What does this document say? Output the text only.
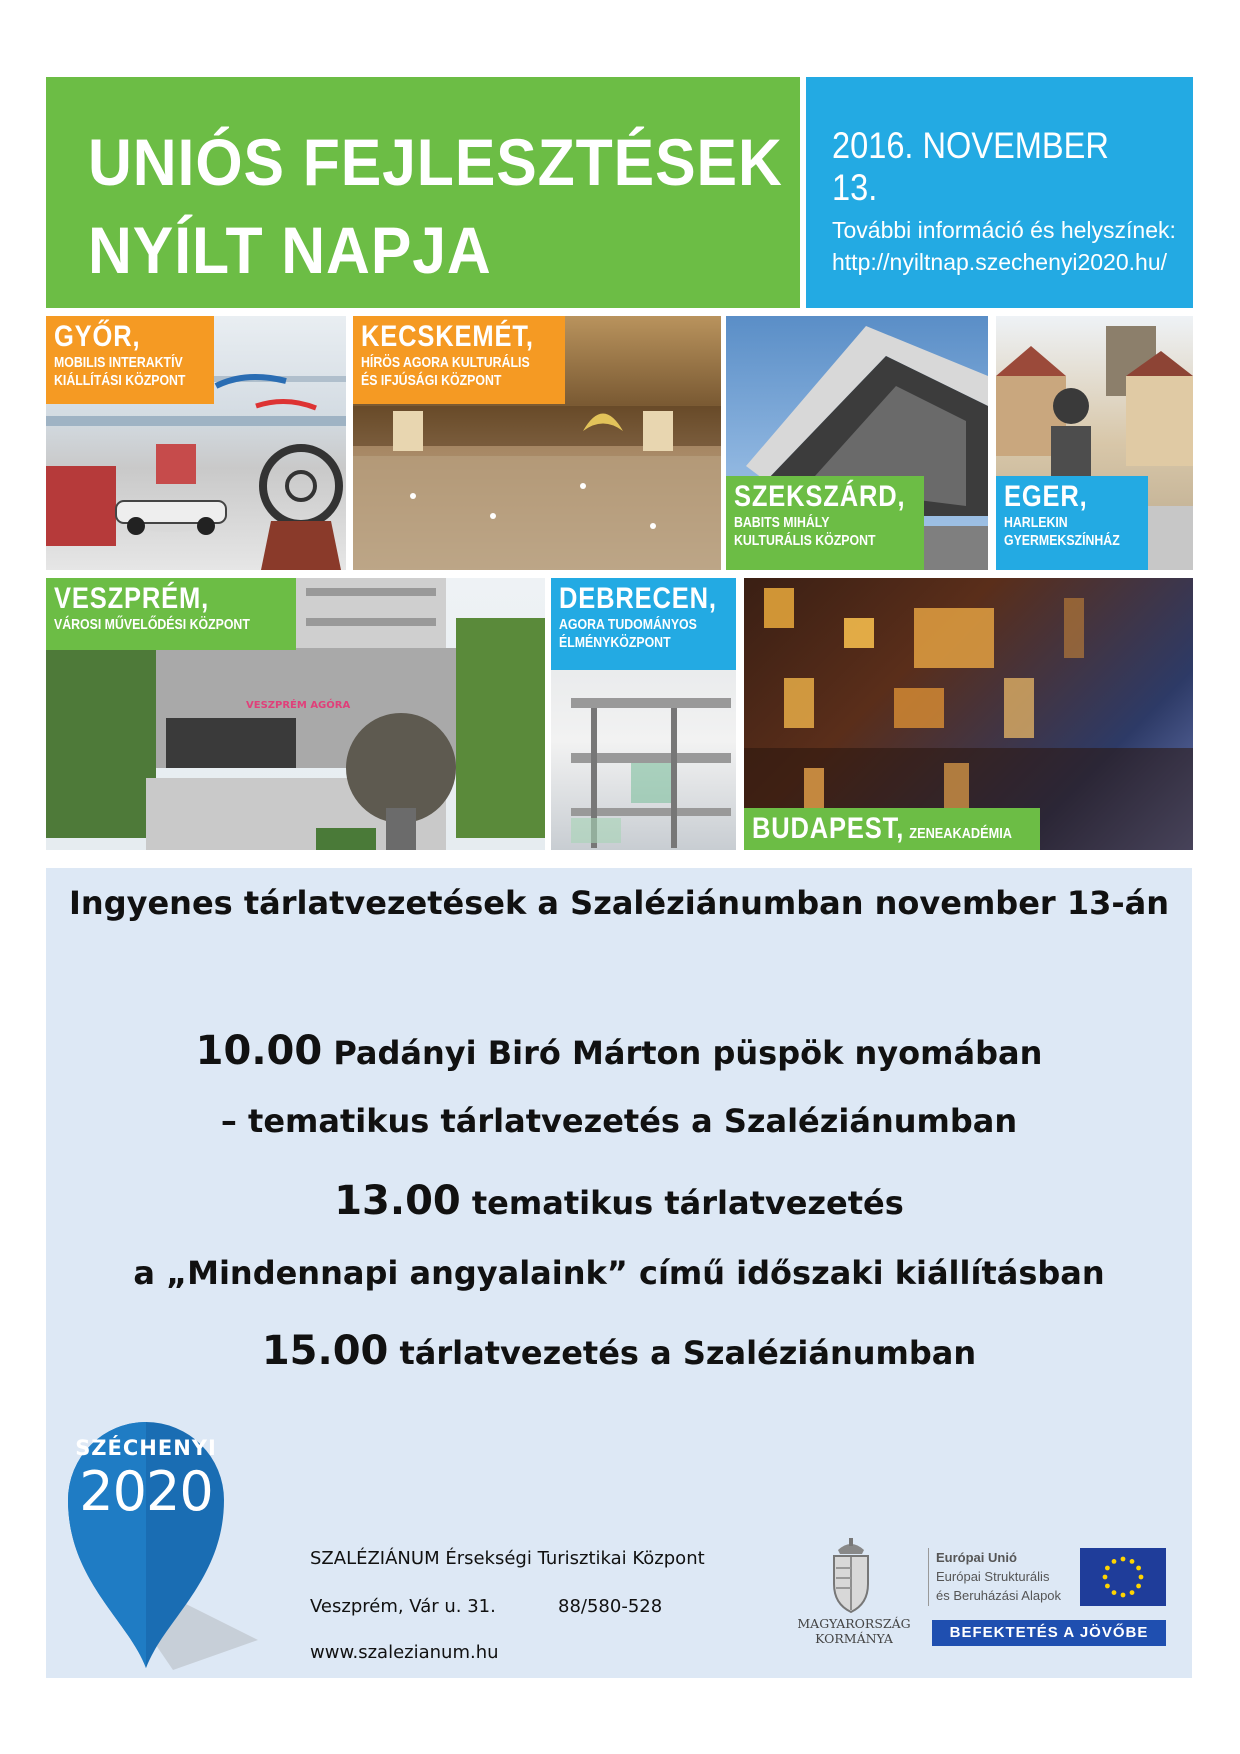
UNIÓS FEJLESZTÉSEK
NYÍLT NAPJA
2016. NOVEMBER 13.
További információ és helyszínek:
http://nyiltnap.szechenyi2020.hu/
GYŐR,
MOBILIS INTERAKTÍV
KIÁLLÍTÁSI KÖZPONT
KECSKEMÉT,
HÍRÖS AGORA KULTURÁLIS
ÉS IFJÚSÁGI KÖZPONT
SZEKSZÁRD,
BABITS MIHÁLY
KULTURÁLIS KÖZPONT
EGER,
HARLEKIN
GYERMEKSZÍNHÁZ
VESZPRÉM AGÓRA
VESZPRÉM,
VÁROSI MŰVELŐDÉSI KÖZPONT
DEBRECEN,
AGORA TUDOMÁNYOS
ÉLMÉNYKÖZPONT
BUDAPEST, ZENEAKADÉMIA
Ingyenes tárlatvezetések a Szaléziánumban november 13-án
10.00 Padányi Biró Márton püspök nyomában
– tematikus tárlatvezetés a Szaléziánumban
13.00 tematikus tárlatvezetés
a „Mindennapi angyalaink” című időszaki kiállításban
15.00 tárlatvezetés a Szaléziánumban
SZÉCHENYI
2020
SZALÉZIÁNUM Érsekségi Turisztikai Központ
Veszprém, Vár u. 31.	88/580-528
www.szalezianum.hu
MAGYARORSZÁG
KORMÁNYA
Európai Unió
Európai Strukturális
és Beruházási Alapok
BEFEKTETÉS A JÖVŐBE
